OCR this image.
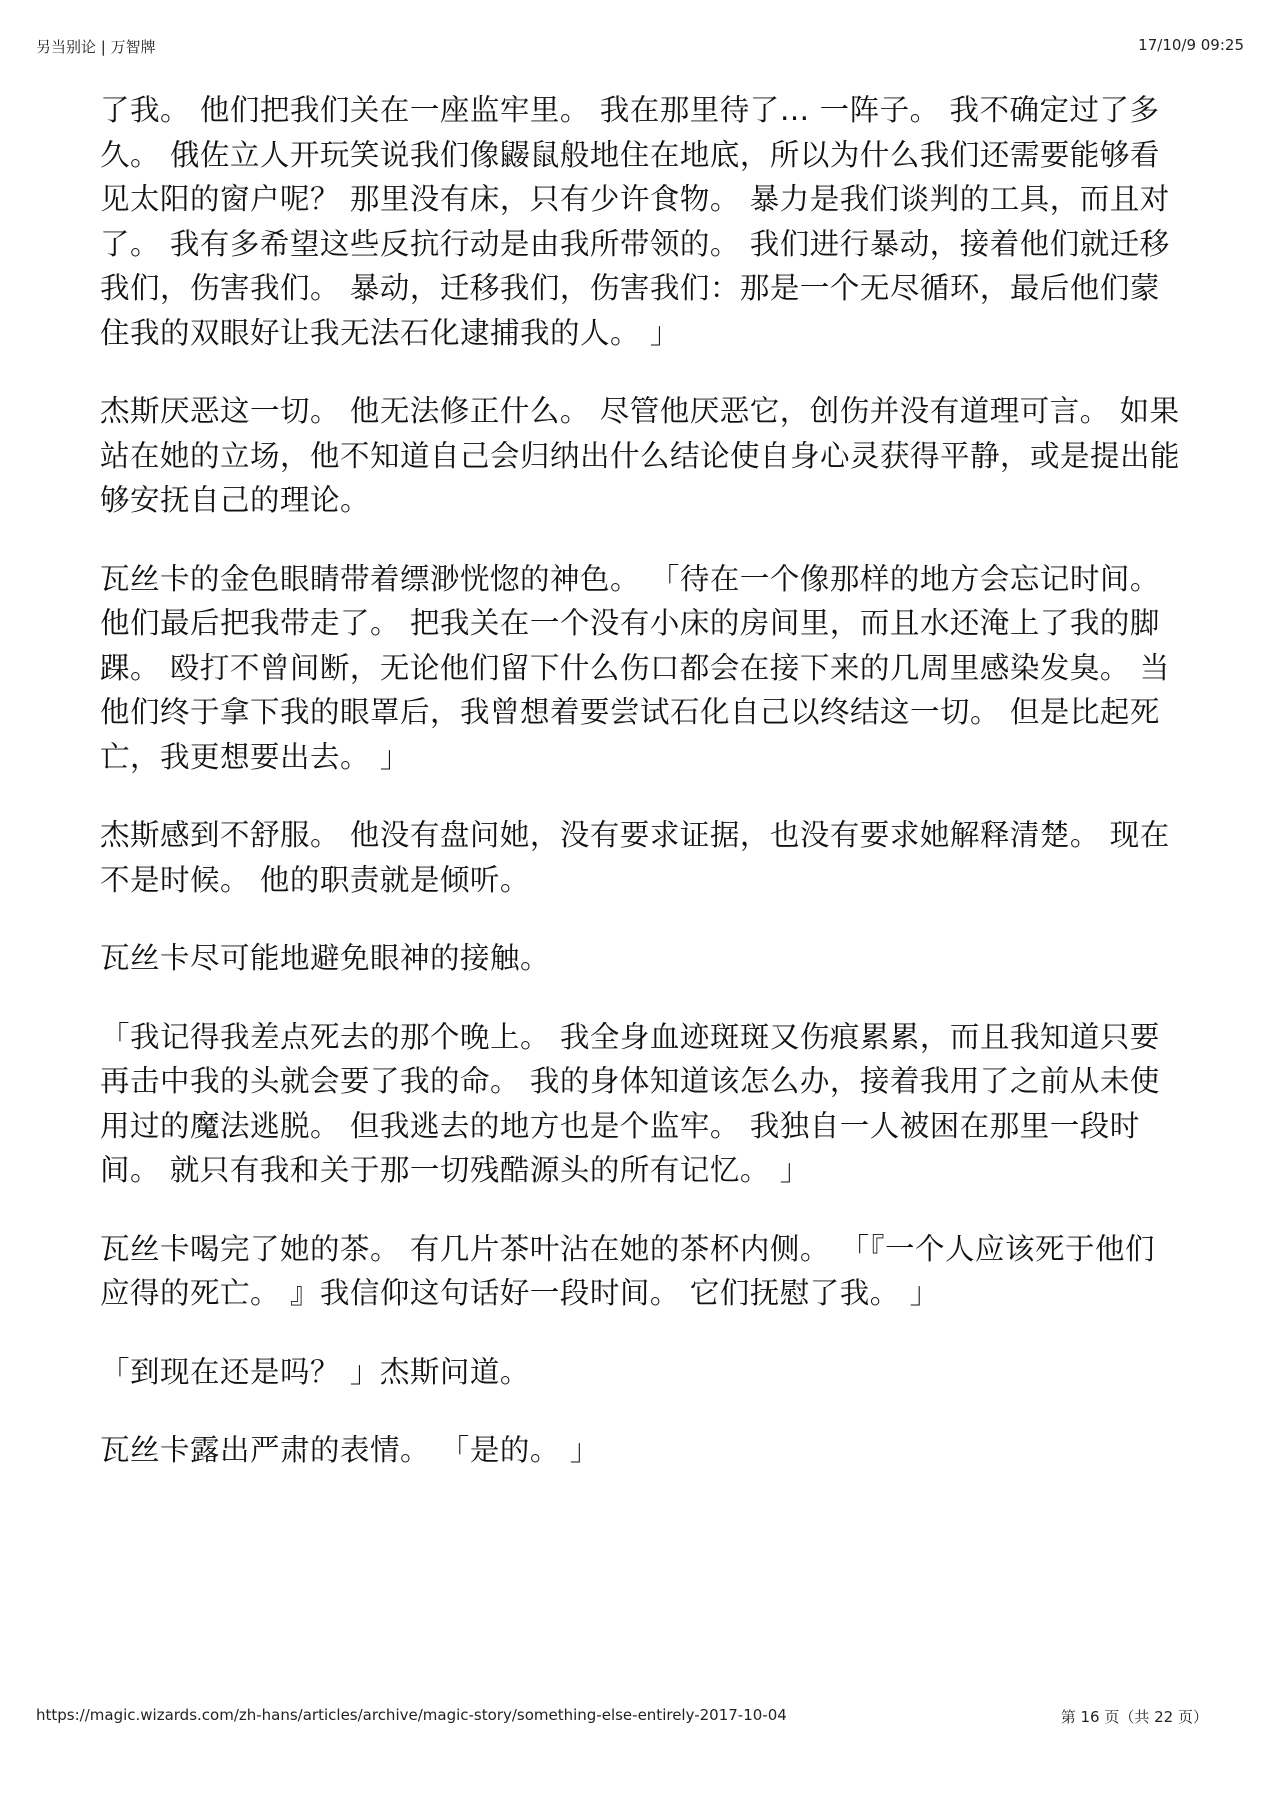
另当别论 | 万智牌	17/10/9 09:25

了我。 他们把我们关在一座监牢里。 我在那里待了… 一阵子。 我不确定过了多久。 俄佐立人开玩笑说我们像鼹鼠般地住在地底，所以为什么我们还需要能够看见太阳的窗户呢？ 那里没有床，只有少许食物。 暴力是我们谈判的工具，而且对了。 我有多希望这些反抗行动是由我所带领的。 我们进行暴动，接着他们就迁移我们，伤害我们。 暴动，迁移我们，伤害我们：那是一个无尽循环，最后他们蒙住我的双眼好让我无法石化逮捕我的人。 」

杰斯厌恶这一切。 他无法修正什么。 尽管他厌恶它，创伤并没有道理可言。 如果站在她的立场，他不知道自己会归纳出什么结论使自身心灵获得平静，或是提出能够安抚自己的理论。

瓦丝卡的金色眼睛带着缥渺恍惚的神色。 「待在一个像那样的地方会忘记时间。 他们最后把我带走了。 把我关在一个没有小床的房间里，而且水还淹上了我的脚踝。 殴打不曾间断，无论他们留下什么伤口都会在接下来的几周里感染发臭。 当他们终于拿下我的眼罩后，我曾想着要尝试石化自己以终结这一切。 但是比起死亡，我更想要出去。 」

杰斯感到不舒服。 他没有盘问她，没有要求证据，也没有要求她解释清楚。 现在不是时候。 他的职责就是倾听。

瓦丝卡尽可能地避免眼神的接触。

「我记得我差点死去的那个晚上。 我全身血迹斑斑又伤痕累累，而且我知道只要再击中我的头就会要了我的命。 我的身体知道该怎么办，接着我用了之前从未使用过的魔法逃脱。 但我逃去的地方也是个监牢。 我独自一人被困在那里一段时间。 就只有我和关于那一切残酷源头的所有记忆。 」

瓦丝卡喝完了她的茶。 有几片茶叶沾在她的茶杯内侧。 「『一个人应该死于他们应得的死亡。 』我信仰这句话好一段时间。 它们抚慰了我。 」

「到现在还是吗？ 」杰斯问道。

瓦丝卡露出严肃的表情。 「是的。 」

https://magic.wizards.com/zh-hans/articles/archive/magic-story/something-else-entirely-2017-10-04	第 16 页（共 22 页）
